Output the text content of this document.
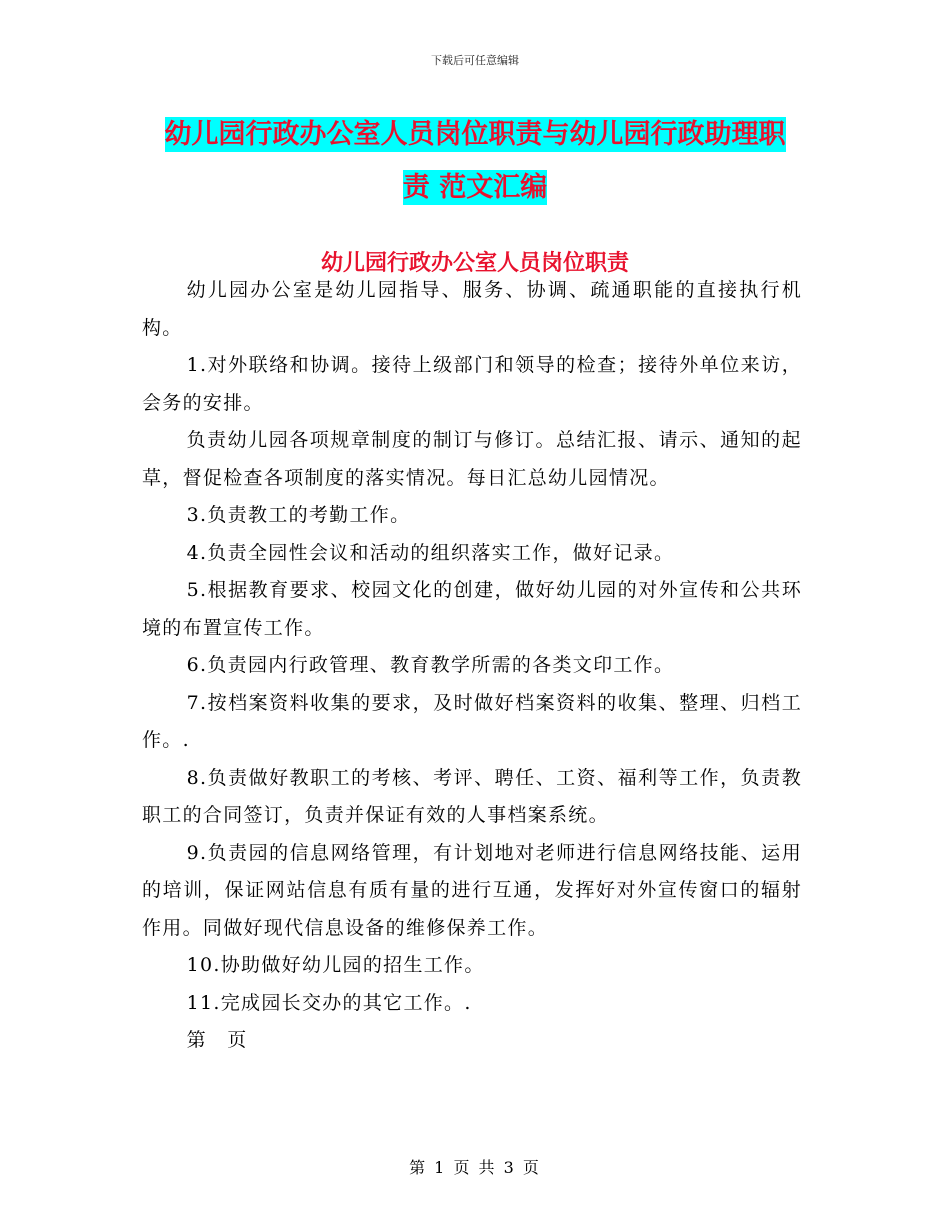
下载后可任意编辑
幼儿园行政办公室人员岗位职责与幼儿园行政助理职
责 范文汇编
幼儿园行政办公室人员岗位职责

幼儿园办公室是幼儿园指导、服务、协调、疏通职能的直接执行机构。

1.对外联络和协调。接待上级部门和领导的检查；接待外单位来访，会务的安排。

负责幼儿园各项规章制度的制订与修订。总结汇报、请示、通知的起草，督促检查各项制度的落实情况。每日汇总幼儿园情况。

3.负责教工的考勤工作。

4.负责全园性会议和活动的组织落实工作，做好记录。

5.根据教育要求、校园文化的创建，做好幼儿园的对外宣传和公共环境的布置宣传工作。

6.负责园内行政管理、教育教学所需的各类文印工作。

7.按档案资料收集的要求，及时做好档案资料的收集、整理、归档工作。.

8.负责做好教职工的考核、考评、聘任、工资、福利等工作，负责教职工的合同签订，负责并保证有效的人事档案系统。

9.负责园的信息网络管理，有计划地对老师进行信息网络技能、运用的培训，保证网站信息有质有量的进行互通，发挥好对外宣传窗口的辐射作用。同做好现代信息设备的维修保养工作。

10.协助做好幼儿园的招生工作。

11.完成园长交办的其它工作。.

第　页

第 1 页 共 3 页
